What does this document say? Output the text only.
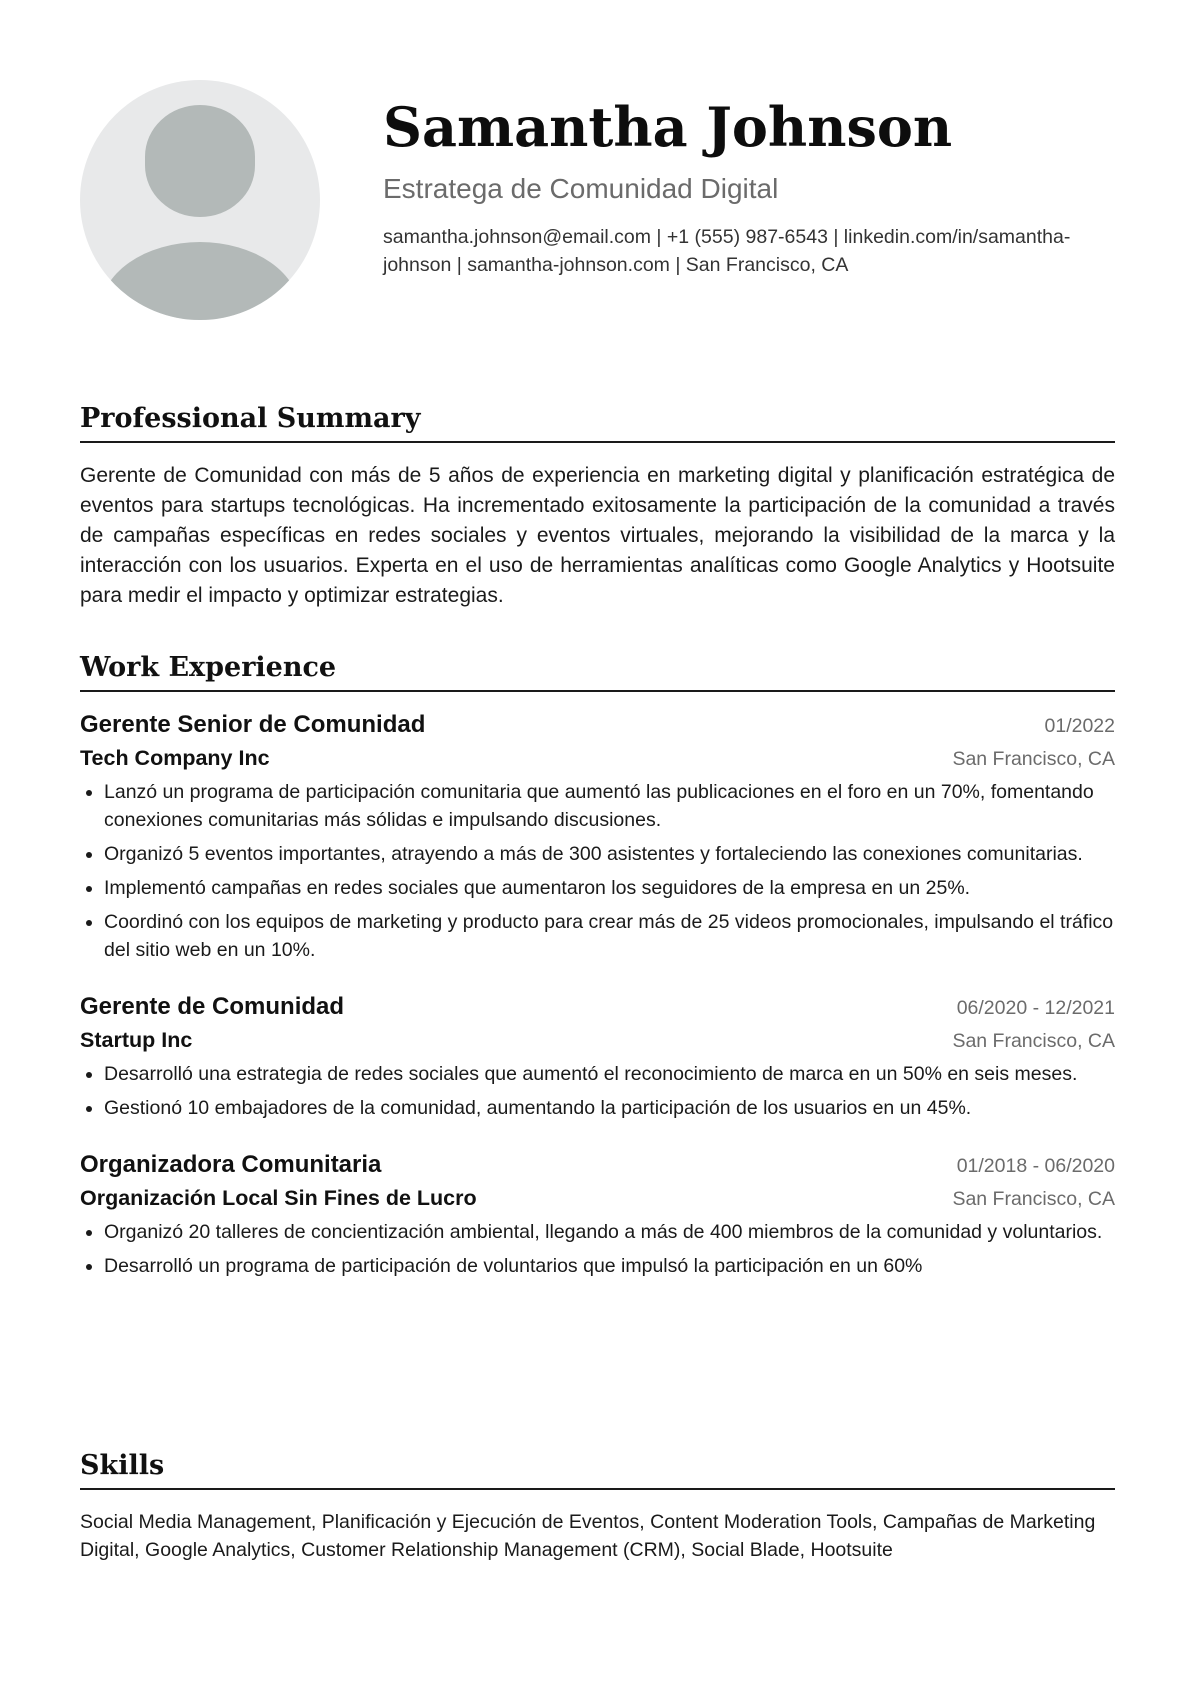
Samantha Johnson
Estratega de Comunidad Digital
samantha.johnson@email.com | +1 (555) 987-6543 | linkedin.com/in/samantha-johnson | samantha-johnson.com | San Francisco, CA
Professional Summary
Gerente de Comunidad con más de 5 años de experiencia en marketing digital y planificación estratégica de eventos para startups tecnológicas. Ha incrementado exitosamente la participación de la comunidad a través de campañas específicas en redes sociales y eventos virtuales, mejorando la visibilidad de la marca y la interacción con los usuarios. Experta en el uso de herramientas analíticas como Google Analytics y Hootsuite para medir el impacto y optimizar estrategias.
Work Experience
Gerente Senior de Comunidad	01/2022
Tech Company Inc	San Francisco, CA
Lanzó un programa de participación comunitaria que aumentó las publicaciones en el foro en un 70%, fomentando conexiones comunitarias más sólidas e impulsando discusiones.
Organizó 5 eventos importantes, atrayendo a más de 300 asistentes y fortaleciendo las conexiones comunitarias.
Implementó campañas en redes sociales que aumentaron los seguidores de la empresa en un 25%.
Coordinó con los equipos de marketing y producto para crear más de 25 videos promocionales, impulsando el tráfico del sitio web en un 10%.
Gerente de Comunidad	06/2020 - 12/2021
Startup Inc	San Francisco, CA
Desarrolló una estrategia de redes sociales que aumentó el reconocimiento de marca en un 50% en seis meses.
Gestionó 10 embajadores de la comunidad, aumentando la participación de los usuarios en un 45%.
Organizadora Comunitaria	01/2018 - 06/2020
Organización Local Sin Fines de Lucro	San Francisco, CA
Organizó 20 talleres de concientización ambiental, llegando a más de 400 miembros de la comunidad y voluntarios.
Desarrolló un programa de participación de voluntarios que impulsó la participación en un 60%
Skills
Social Media Management, Planificación y Ejecución de Eventos, Content Moderation Tools, Campañas de Marketing Digital, Google Analytics, Customer Relationship Management (CRM), Social Blade, Hootsuite
